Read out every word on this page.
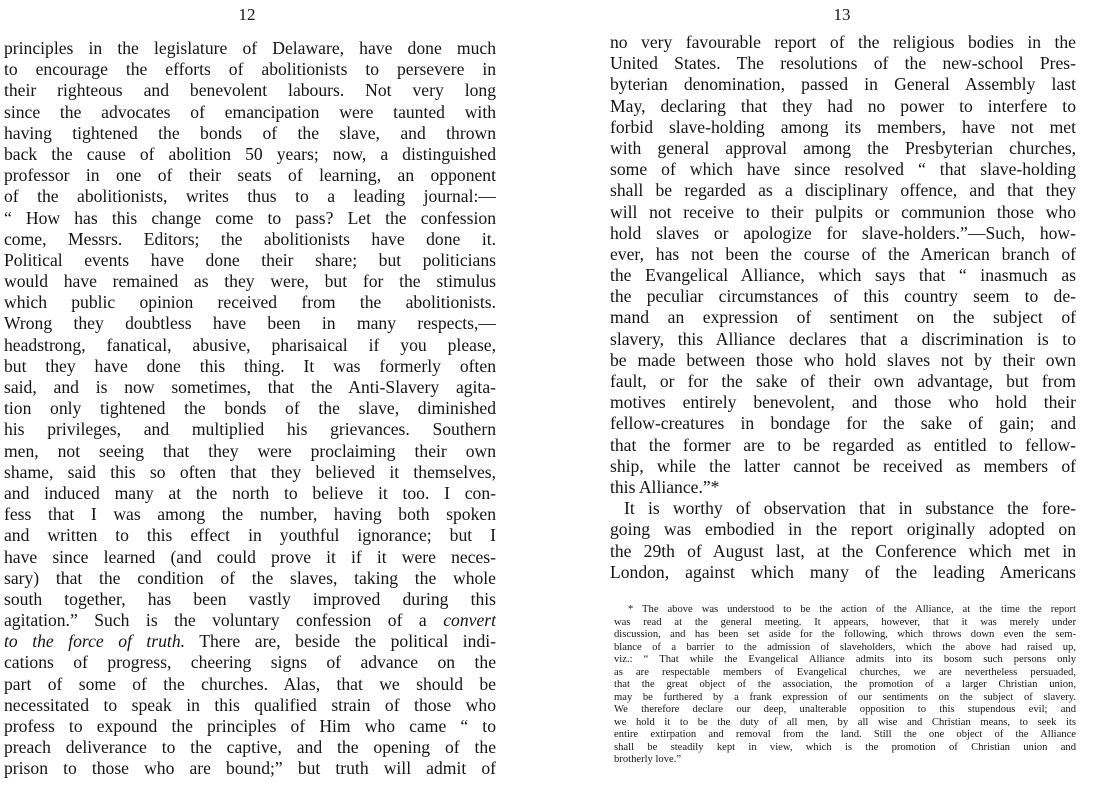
12
principles in the legislature of Delaware, have done much
to encourage the efforts of abolitionists to persevere in
their righteous and benevolent labours. Not very long
since the advocates of emancipation were taunted with
having tightened the bonds of the slave, and thrown
back the cause of abolition 50 years; now, a distinguished
professor in one of their seats of learning, an opponent
of the abolitionists, writes thus to a leading journal:—
“ How has this change come to pass? Let the confession
come, Messrs. Editors; the abolitionists have done it.
Political events have done their share; but politicians
would have remained as they were, but for the stimulus
which public opinion received from the abolitionists.
Wrong they doubtless have been in many respects,—
headstrong, fanatical, abusive, pharisaical if you please,
but they have done this thing. It was formerly often
said, and is now sometimes, that the Anti-Slavery agita-
tion only tightened the bonds of the slave, diminished
his privileges, and multiplied his grievances. Southern
men, not seeing that they were proclaiming their own
shame, said this so often that they believed it themselves,
and induced many at the north to believe it too. I con-
fess that I was among the number, having both spoken
and written to this effect in youthful ignorance; but I
have since learned (and could prove it if it were neces-
sary) that the condition of the slaves, taking the whole
south together, has been vastly improved during this
agitation.” Such is the voluntary confession of a convert
to the force of truth. There are, beside the political indi-
cations of progress, cheering signs of advance on the
part of some of the churches. Alas, that we should be
necessitated to speak in this qualified strain of those who
profess to expound the principles of Him who came “ to
preach deliverance to the captive, and the opening of the
prison to those who are bound;” but truth will admit of
13
no very favourable report of the religious bodies in the
United States. The resolutions of the new-school Pres-
byterian denomination, passed in General Assembly last
May, declaring that they had no power to interfere to
forbid slave-holding among its members, have not met
with general approval among the Presbyterian churches,
some of which have since resolved “ that slave-holding
shall be regarded as a disciplinary offence, and that they
will not receive to their pulpits or communion those who
hold slaves or apologize for slave-holders.”—Such, how-
ever, has not been the course of the American branch of
the Evangelical Alliance, which says that “ inasmuch as
the peculiar circumstances of this country seem to de-
mand an expression of sentiment on the subject of
slavery, this Alliance declares that a discrimination is to
be made between those who hold slaves not by their own
fault, or for the sake of their own advantage, but from
motives entirely benevolent, and those who hold their
fellow-creatures in bondage for the sake of gain; and
that the former are to be regarded as entitled to fellow-
ship, while the latter cannot be received as members of
this Alliance.”*
It is worthy of observation that in substance the fore-
going was embodied in the report originally adopted on
the 29th of August last, at the Conference which met in
London, against which many of the leading Americans
* The above was understood to be the action of the Alliance, at the time the report
was read at the general meeting. It appears, however, that it was merely under
discussion, and has been set aside for the following, which throws down even the sem-
blance of a barrier to the admission of slaveholders, which the above had raised up,
viz.: “ That while the Evangelical Alliance admits into its bosom such persons only
as are respectable members of Evangelical churches, we are nevertheless persuaded,
that the great object of the association, the promotion of a larger Christian union,
may be furthered by a frank expression of our sentiments on the subject of slavery.
We therefore declare our deep, unalterable opposition to this stupendous evil; and
we hold it to be the duty of all men, by all wise and Christian means, to seek its
entire extirpation and removal from the land. Still the one object of the Alliance
shall be steadily kept in view, which is the promotion of Christian union and
brotherly love.”
